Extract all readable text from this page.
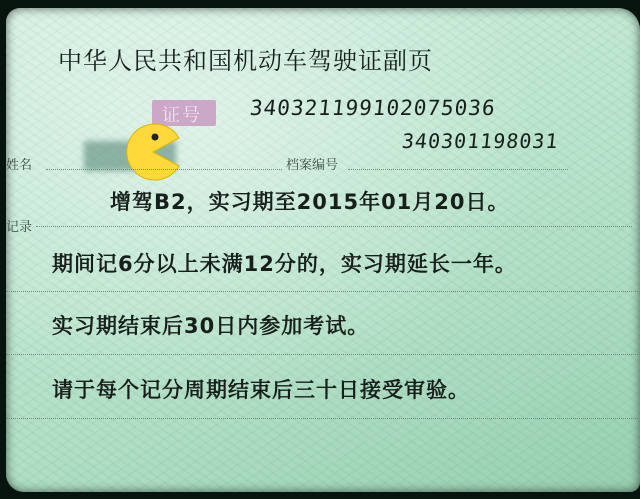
中华人民共和国机动车驾驶证副页
证号 340321199102075036
姓名	档案编号
340301198031
记录
增驾B2，实习期至2015年01月20日。
期间记6分以上未满12分的，实习期延长一年。
实习期结束后30日内参加考试。
请于每个记分周期结束后三十日接受审验。
